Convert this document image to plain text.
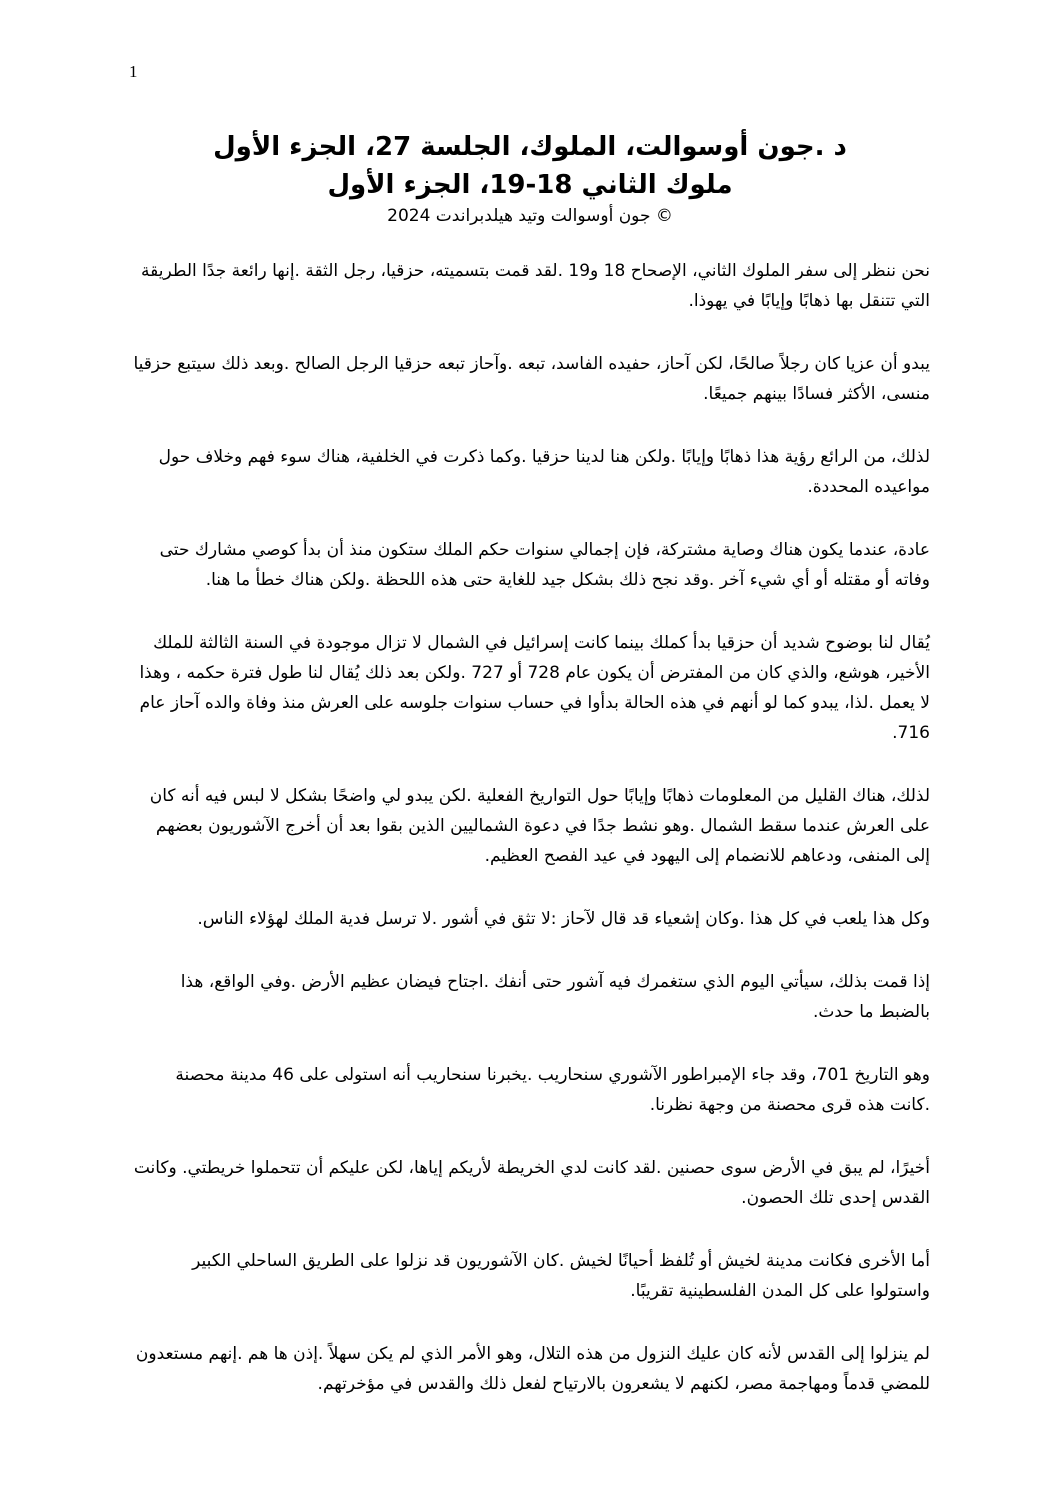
1
د .جون أوسوالت، الملوك، الجلسة 27، الجزء الأول
ملوك الثاني 18-19، الجزء الأول

© جون أوسوالت وتيد هيلدبراندت 2024

نحن ننظر إلى سفر الملوك الثاني، الإصحاح 18 و19 .لقد قمت بتسميته، حزقيا، رجل الثقة .إنها رائعة جدًا الطريقة التي تتنقل بها ذهابًا وإيابًا في يهوذا.

يبدو أن عزيا كان رجلاً صالحًا، لكن آحاز، حفيده الفاسد، تبعه .وآحاز تبعه حزقيا الرجل الصالح .وبعد ذلك سيتبع حزقيا منسى، الأكثر فسادًا بينهم جميعًا.

لذلك، من الرائع رؤية هذا ذهابًا وإيابًا .ولكن هنا لدينا حزقيا .وكما ذكرت في الخلفية، هناك سوء فهم وخلاف حول مواعيده المحددة.

عادة، عندما يكون هناك وصاية مشتركة، فإن إجمالي سنوات حكم الملك ستكون منذ أن بدأ كوصي مشارك حتى وفاته أو مقتله أو أي شيء آخر .وقد نجح ذلك بشكل جيد للغاية حتى هذه اللحظة .ولكن هناك خطأ ما هنا.

يُقال لنا بوضوح شديد أن حزقيا بدأ كملك بينما كانت إسرائيل في الشمال لا تزال موجودة في السنة الثالثة للملك الأخير، هوشع، والذي كان من المفترض أن يكون عام 728 أو 727 .ولكن بعد ذلك يُقال لنا طول فترة حكمه ، وهذا لا يعمل .لذا، يبدو كما لو أنهم في هذه الحالة بدأوا في حساب سنوات جلوسه على العرش منذ وفاة والده آحاز عام 716.

لذلك، هناك القليل من المعلومات ذهابًا وإيابًا حول التواريخ الفعلية .لكن يبدو لي واضحًا بشكل لا لبس فيه أنه كان على العرش عندما سقط الشمال .وهو نشط جدًا في دعوة الشماليين الذين بقوا بعد أن أخرج الآشوريون بعضهم إلى المنفى، ودعاهم للانضمام إلى اليهود في عيد الفصح العظيم.

وكل هذا يلعب في كل هذا .وكان إشعياء قد قال لآحاز :لا تثق في أشور .لا ترسل فدية الملك لهؤلاء الناس.

إذا قمت بذلك، سيأتي اليوم الذي ستغمرك فيه آشور حتى أنفك .اجتاح فيضان عظيم الأرض .وفي الواقع، هذا بالضبط ما حدث.

وهو التاريخ 701، وقد جاء الإمبراطور الآشوري سنحاريب .يخبرنا سنحاريب أنه استولى على 46 مدينة محصنة .كانت هذه قرى محصنة من وجهة نظرنا.

أخيرًا، لم يبق في الأرض سوى حصنين .لقد كانت لدي الخريطة لأريكم إياها، لكن عليكم أن تتحملوا خريطتي. وكانت القدس إحدى تلك الحصون.

أما الأخرى فكانت مدينة لخيش أو تُلفظ أحيانًا لخيش .كان الآشوريون قد نزلوا على الطريق الساحلي الكبير واستولوا على كل المدن الفلسطينية تقريبًا.

لم ينزلوا إلى القدس لأنه كان عليك النزول من هذه التلال، وهو الأمر الذي لم يكن سهلاً .إذن ها هم .إنهم مستعدون للمضي قدماً ومهاجمة مصر، لكنهم لا يشعرون بالارتياح لفعل ذلك والقدس في مؤخرتهم.
